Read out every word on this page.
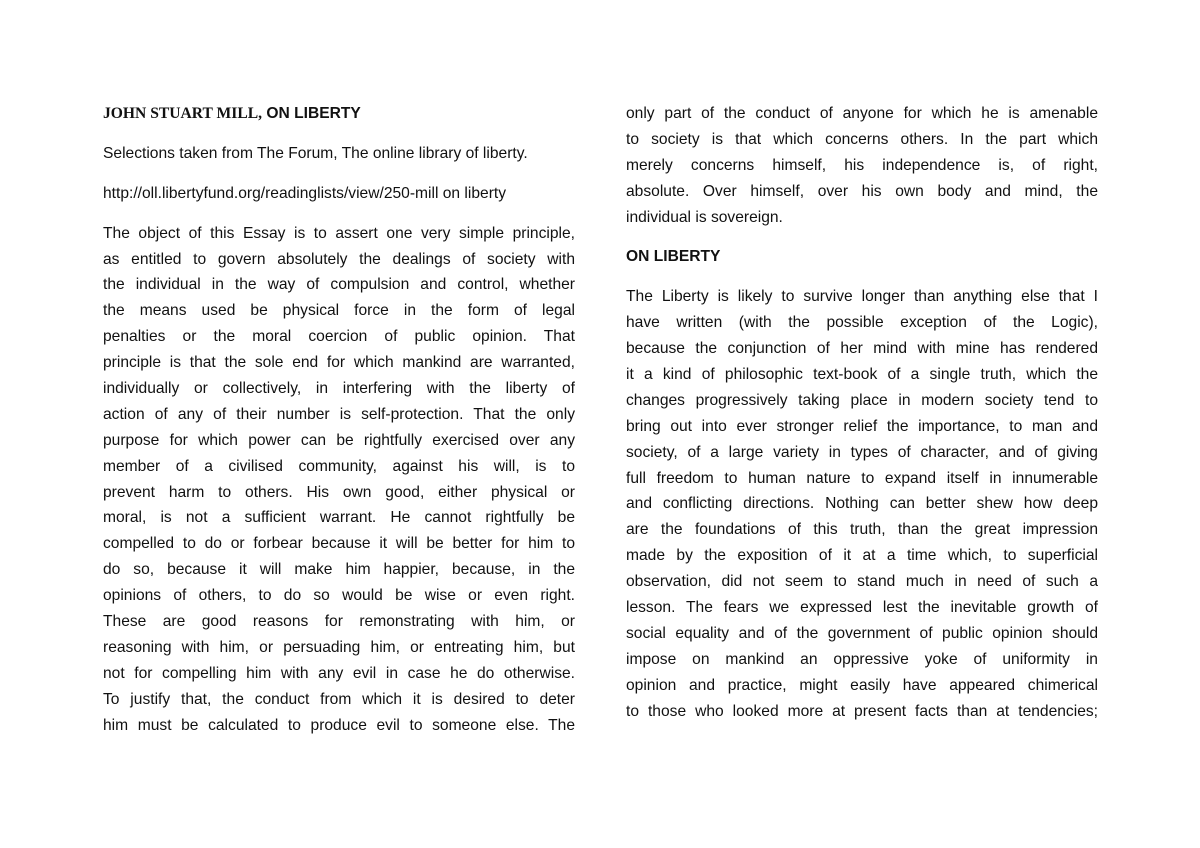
JOHN STUART MILL, ON LIBERTY
Selections taken from The Forum, The online library of liberty.
http://oll.libertyfund.org/readinglists/view/250-mill on liberty
The object of this Essay is to assert one very simple principle,
as entitled to govern absolutely the dealings of society with
the individual in the way of compulsion and control, whether
the means used be physical force in the form of legal
penalties or the moral coercion of public opinion. That
principle is that the sole end for which mankind are warranted,
individually or collectively, in interfering with the liberty of
action of any of their number is self-protection. That the only
purpose for which power can be rightfully exercised over any
member of a civilised community, against his will, is to
prevent harm to others. His own good, either physical or
moral, is not a sufficient warrant. He cannot rightfully be
compelled to do or forbear because it will be better for him to
do so, because it will make him happier, because, in the
opinions of others, to do so would be wise or even right.
These are good reasons for remonstrating with him, or
reasoning with him, or persuading him, or entreating him, but
not for compelling him with any evil in case he do otherwise.
To justify that, the conduct from which it is desired to deter
him must be calculated to produce evil to someone else. The
only part of the conduct of anyone for which he is amenable
to society is that which concerns others. In the part which
merely concerns himself, his independence is, of right,
absolute. Over himself, over his own body and mind, the
individual is sovereign.
ON LIBERTY
The Liberty is likely to survive longer than anything else that I
have written (with the possible exception of the Logic),
because the conjunction of her mind with mine has rendered
it a kind of philosophic text-book of a single truth, which the
changes progressively taking place in modern society tend to
bring out into ever stronger relief the importance, to man and
society, of a large variety in types of character, and of giving
full freedom to human nature to expand itself in innumerable
and conflicting directions. Nothing can better shew how deep
are the foundations of this truth, than the great impression
made by the exposition of it at a time which, to superficial
observation, did not seem to stand much in need of such a
lesson. The fears we expressed lest the inevitable growth of
social equality and of the government of public opinion should
impose on mankind an oppressive yoke of uniformity in
opinion and practice, might easily have appeared chimerical
to those who looked more at present facts than at tendencies;
